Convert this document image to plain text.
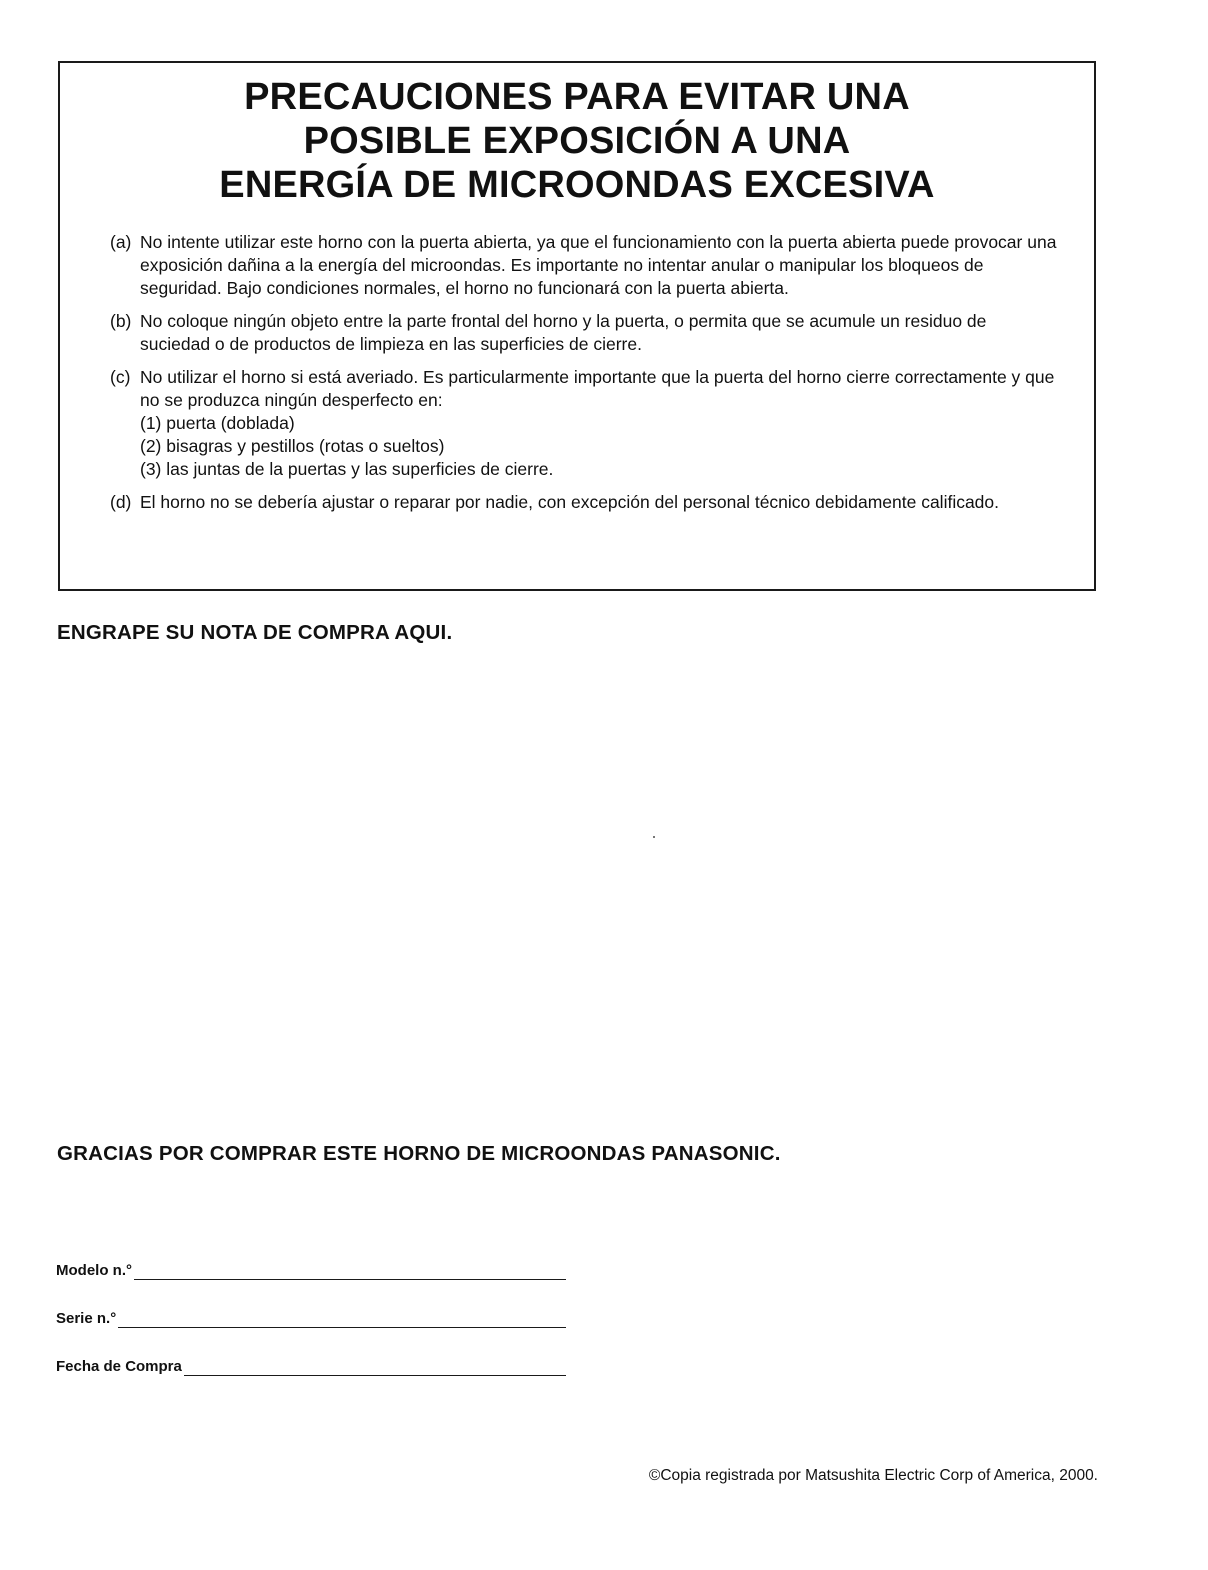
PRECAUCIONES PARA EVITAR UNA
POSIBLE EXPOSICIÓN A UNA
ENERGÍA DE MICROONDAS EXCESIVA
(a) No intente utilizar este horno con la puerta abierta, ya que el funcionamiento con la puerta abierta puede provocar una exposición dañina a la energía del microondas. Es importante no intentar anular o manipular los bloqueos de seguridad. Bajo condiciones normales, el horno no funcionará con la puerta abierta.
(b) No coloque ningún objeto entre la parte frontal del horno y la puerta, o permita que se acumule un residuo de suciedad o de productos de limpieza en las superficies de cierre.
(c) No utilizar el horno si está averiado. Es particularmente importante que la puerta del horno cierre correctamente y que no se produzca ningún desperfecto en:
(1) puerta (doblada)
(2) bisagras y pestillos (rotas o sueltos)
(3) las juntas de la puertas y las superficies de cierre.
(d) El horno no se debería ajustar o reparar por nadie, con excepción del personal técnico debidamente calificado.
ENGRAPE SU NOTA DE COMPRA AQUI.
GRACIAS POR COMPRAR ESTE HORNO DE MICROONDAS PANASONIC.
Modelo n.°
Serie n.°
Fecha de Compra

©Copia registrada por Matsushita Electric Corp of America, 2000.
